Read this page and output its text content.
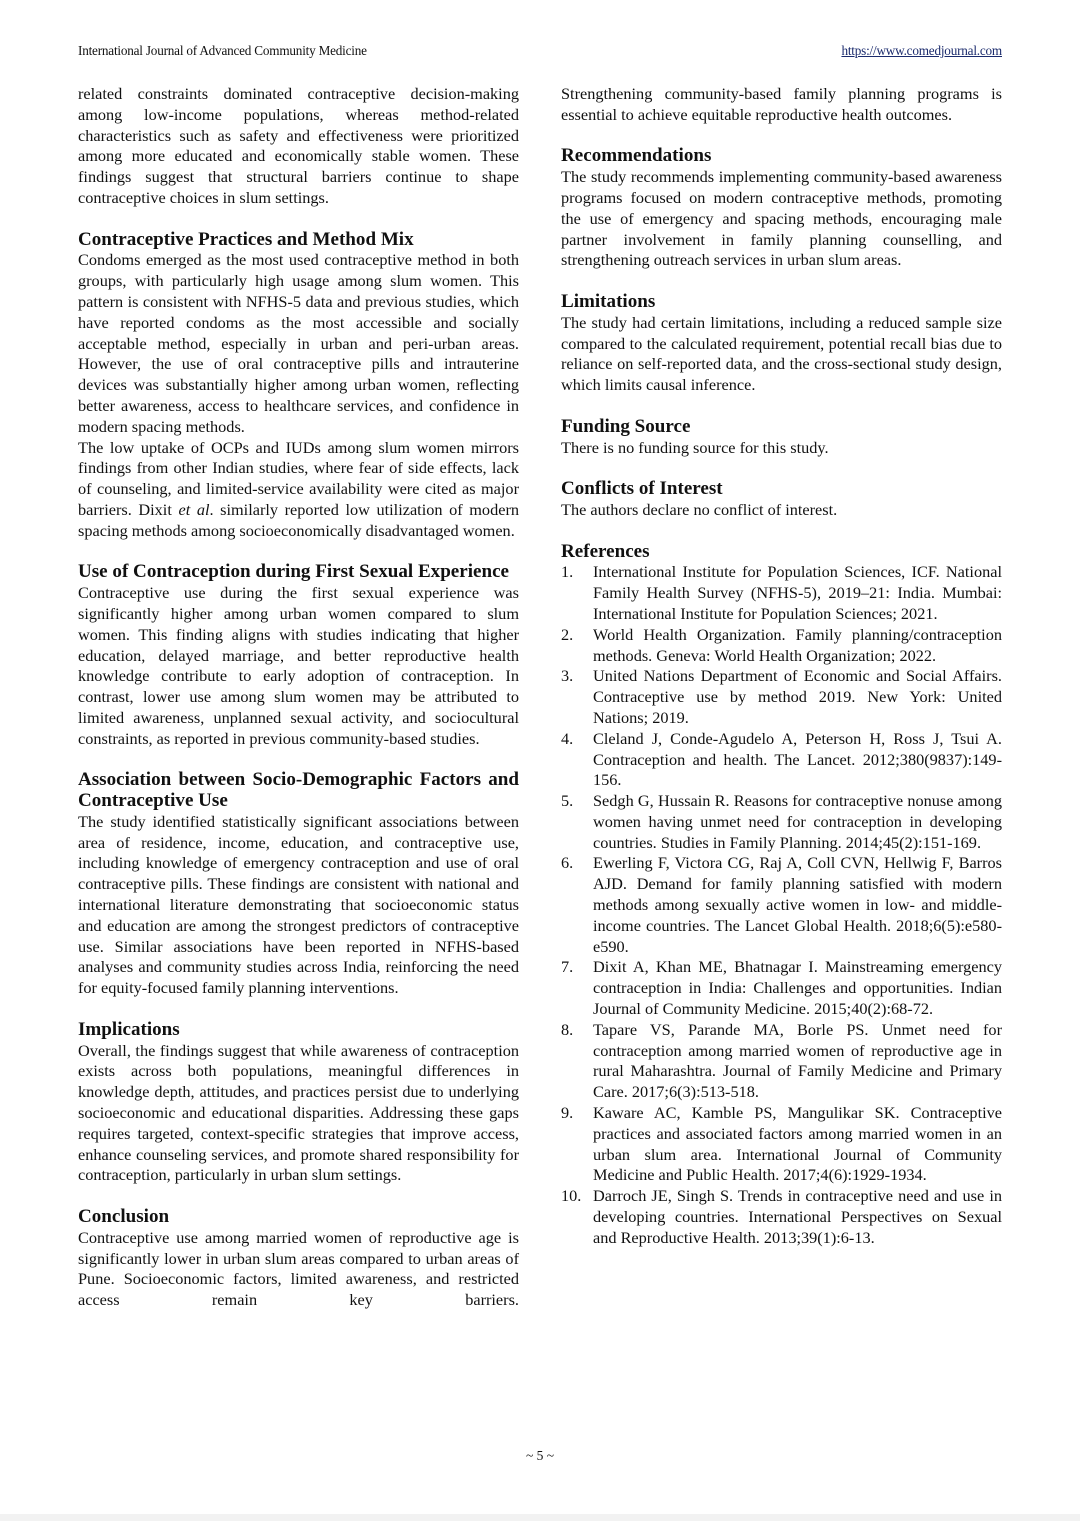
International Journal of Advanced Community Medicine	https://www.comedjournal.com

related constraints dominated contraceptive decision-making among low-income populations, whereas method-related characteristics such as safety and effectiveness were prioritized among more educated and economically stable women. These findings suggest that structural barriers continue to shape contraceptive choices in slum settings.

Contraceptive Practices and Method Mix

Condoms emerged as the most used contraceptive method in both groups, with particularly high usage among slum women. This pattern is consistent with NFHS-5 data and previous studies, which have reported condoms as the most accessible and socially acceptable method, especially in urban and peri-urban areas. However, the use of oral contraceptive pills and intrauterine devices was substantially higher among urban women, reflecting better awareness, access to healthcare services, and confidence in modern spacing methods.

The low uptake of OCPs and IUDs among slum women mirrors findings from other Indian studies, where fear of side effects, lack of counseling, and limited-service availability were cited as major barriers. Dixit et al. similarly reported low utilization of modern spacing methods among socioeconomically disadvantaged women.

Use of Contraception during First Sexual Experience

Contraceptive use during the first sexual experience was significantly higher among urban women compared to slum women. This finding aligns with studies indicating that higher education, delayed marriage, and better reproductive health knowledge contribute to early adoption of contraception. In contrast, lower use among slum women may be attributed to limited awareness, unplanned sexual activity, and sociocultural constraints, as reported in previous community-based studies.

Association between Socio-Demographic Factors and Contraceptive Use

The study identified statistically significant associations between area of residence, income, education, and contraceptive use, including knowledge of emergency contraception and use of oral contraceptive pills. These findings are consistent with national and international literature demonstrating that socioeconomic status and education are among the strongest predictors of contraceptive use. Similar associations have been reported in NFHS-based analyses and community studies across India, reinforcing the need for equity-focused family planning interventions.

Implications

Overall, the findings suggest that while awareness of contraception exists across both populations, meaningful differences in knowledge depth, attitudes, and practices persist due to underlying socioeconomic and educational disparities. Addressing these gaps requires targeted, context-specific strategies that improve access, enhance counseling services, and promote shared responsibility for contraception, particularly in urban slum settings.

Conclusion

Contraceptive use among married women of reproductive age is significantly lower in urban slum areas compared to urban areas of Pune. Socioeconomic factors, limited awareness, and restricted access remain key barriers.

Strengthening community-based family planning programs is essential to achieve equitable reproductive health outcomes.

Recommendations

The study recommends implementing community-based awareness programs focused on modern contraceptive methods, promoting the use of emergency and spacing methods, encouraging male partner involvement in family planning counselling, and strengthening outreach services in urban slum areas.

Limitations

The study had certain limitations, including a reduced sample size compared to the calculated requirement, potential recall bias due to reliance on self-reported data, and the cross-sectional study design, which limits causal inference.

Funding Source

There is no funding source for this study.

Conflicts of Interest

The authors declare no conflict of interest.

References
1. International Institute for Population Sciences, ICF. National Family Health Survey (NFHS-5), 2019–21: India. Mumbai: International Institute for Population Sciences; 2021.
2. World Health Organization. Family planning/contraception methods. Geneva: World Health Organization; 2022.
3. United Nations Department of Economic and Social Affairs. Contraceptive use by method 2019. New York: United Nations; 2019.
4. Cleland J, Conde-Agudelo A, Peterson H, Ross J, Tsui A. Contraception and health. The Lancet. 2012;380(9837):149-156.
5. Sedgh G, Hussain R. Reasons for contraceptive nonuse among women having unmet need for contraception in developing countries. Studies in Family Planning. 2014;45(2):151-169.
6. Ewerling F, Victora CG, Raj A, Coll CVN, Hellwig F, Barros AJD. Demand for family planning satisfied with modern methods among sexually active women in low- and middle-income countries. The Lancet Global Health. 2018;6(5):e580-e590.
7. Dixit A, Khan ME, Bhatnagar I. Mainstreaming emergency contraception in India: Challenges and opportunities. Indian Journal of Community Medicine. 2015;40(2):68-72.
8. Tapare VS, Parande MA, Borle PS. Unmet need for contraception among married women of reproductive age in rural Maharashtra. Journal of Family Medicine and Primary Care. 2017;6(3):513-518.
9. Kaware AC, Kamble PS, Mangulikar SK. Contraceptive practices and associated factors among married women in an urban slum area. International Journal of Community Medicine and Public Health. 2017;4(6):1929-1934.
10. Darroch JE, Singh S. Trends in contraceptive need and use in developing countries. International Perspectives on Sexual and Reproductive Health. 2013;39(1):6-13.
~ 5 ~
